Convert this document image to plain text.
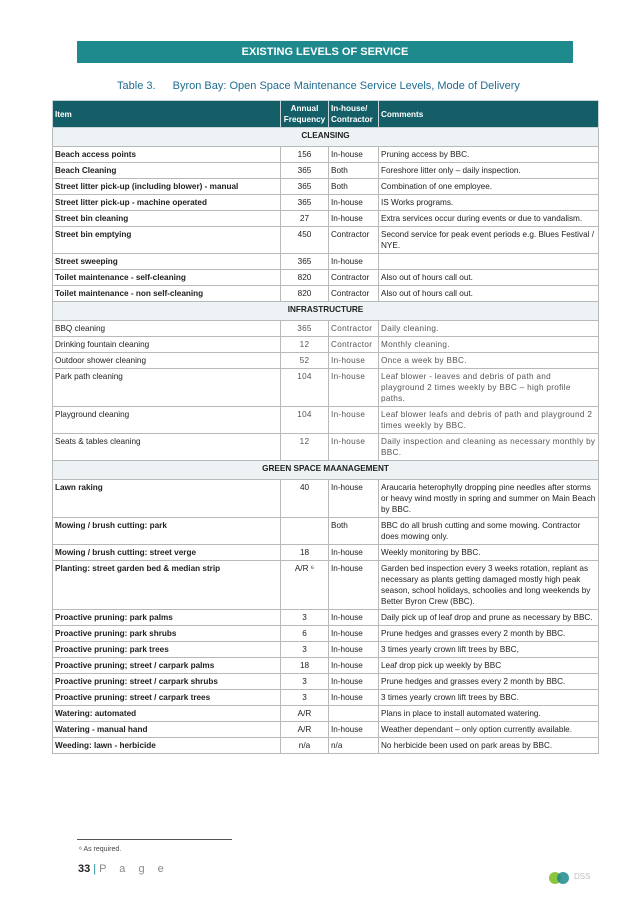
EXISTING LEVELS OF SERVICE
Table 3. Byron Bay: Open Space Maintenance Service Levels, Mode of Delivery
Item	Annual Frequency	In-house/ Contractor	Comments
CLEANSING			
Beach access points	156	In-house	Pruning access by BBC.
Beach Cleaning	365	Both	Foreshore litter only – daily inspection.
Street litter pick-up (including blower) - manual	365	Both	Combination of one employee.
Street litter pick-up - machine operated	365	In-house	IS Works programs.
Street bin cleaning	27	In-house	Extra services occur during events or due to vandalism.
Street bin emptying	450	Contractor	Second service for peak event periods e.g. Blues Festival / NYE.
Street sweeping	365	In-house	
Toilet maintenance - self-cleaning	820	Contractor	Also out of hours call out.
Toilet maintenance - non self-cleaning	820	Contractor	Also out of hours call out.
INFRASTRUCTURE			
BBQ cleaning	365	Contractor	Daily cleaning.
Drinking fountain cleaning	12	Contractor	Monthly cleaning.
Outdoor shower cleaning	52	In-house	Once a week by BBC.
Park path cleaning	104	In-house	Leaf blower - leaves and debris of path and playground 2 times weekly by BBC – high profile paths.
Playground cleaning	104	In-house	Leaf blower leafs and debris of path and playground 2 times weekly by BBC.
Seats & tables cleaning	12	In-house	Daily inspection and cleaning as necessary monthly by BBC.
GREEN SPACE MAANAGEMENT			
Lawn raking	40	In-house	Araucaria heterophylly dropping pine needles after storms or heavy wind mostly in spring and summer on Main Beach by BBC.
Mowing / brush cutting: park		Both	BBC do all brush cutting and some mowing. Contractor does mowing only.
Mowing / brush cutting: street verge	18	In-house	Weekly monitoring by BBC.
Planting: street garden bed & median strip	A/R ⁶	In-house	Garden bed inspection every 3 weeks rotation, replant as necessary as plants getting damaged mostly high peak season, school holidays, schoolies and long weekends by Better Byron Crew (BBC).
Proactive pruning: park palms	3	In-house	Daily pick up of leaf drop and prune as necessary by BBC.
Proactive pruning: park shrubs	6	In-house	Prune hedges and grasses every 2 month by BBC.
Proactive pruning: park trees	3	In-house	3 times yearly crown lift trees by BBC,
Proactive pruning; street / carpark palms	18	In-house	Leaf drop pick up weekly by BBC
Proactive pruning: street / carpark shrubs	3	In-house	Prune hedges and grasses every 2 month by BBC.
Proactive pruning: street / carpark trees	3	In-house	3 times yearly crown lift trees by BBC.
Watering: automated	A/R		Plans in place to install automated watering.
Watering - manual hand	A/R	In-house	Weather dependant – only option currently available.
Weeding: lawn - herbicide	n/a	n/a	No herbicide been used on park areas by BBC.
⁶ As required.
33 | P a g e
DSS
